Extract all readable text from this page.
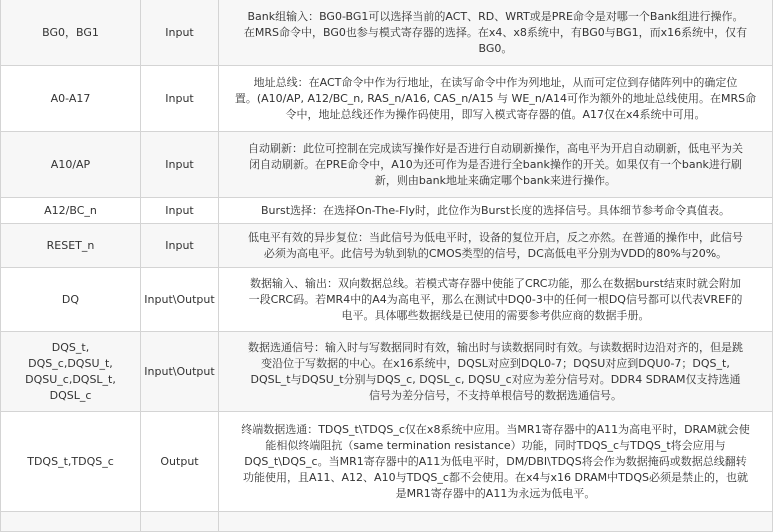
BG0，BG1	Input	Bank组输入：BG0-BG1可以选择当前的ACT、RD、WRT或是PRE命令是对哪一个Bank组进行操作。
在MRS命令中，BG0也参与模式寄存器的选择。在x4、x8系统中，有BG0与BG1，而x16系统中，仅有
BG0。

A0-A17	Input	地址总线：在ACT命令中作为行地址，在读写命令中作为列地址，从而可定位到存储阵列中的确定位
置。(A10/AP, A12/BC_n, RAS_n/A16, CAS_n/A15 与 WE_n/A14可作为额外的地址总线使用。在MRS命
令中，地址总线还作为操作码使用，即写入模式寄存器的值。A17仅在x4系统中可用。

A10/AP	Input	自动刷新：此位可控制在完成读写操作好是否进行自动刷新操作，高电平为开启自动刷新，低电平为关
闭自动刷新。在PRE命令中，A10为还可作为是否进行全bank操作的开关。如果仅有一个bank进行刷
新，则由bank地址来确定哪个bank来进行操作。

A12/BC_n	Input	Burst选择：在选择On-The-Fly时，此位作为Burst长度的选择信号。具体细节参考命令真值表。

RESET_n	Input	低电平有效的异步复位：当此信号为低电平时，设备的复位开启，反之亦然。在普通的操作中，此信号
必须为高电平。此信号为轨到轨的CMOS类型的信号，DC高低电平分别为VDD的80%与20%。

DQ	Input\Output	数据输入、输出：双向数据总线。若模式寄存器中使能了CRC功能，那么在数据burst结束时就会附加
一段CRC码。若MR4中的A4为高电平，那么在测试中DQ0-3中的任何一根DQ信号都可以代表VREF的
电平。具体哪些数据线是已使用的需要参考供应商的数据手册。

DQS_t,
DQS_c,DQSU_t,
DQSU_c,DQSL_t,
DQSL_c	Input\Output	数据选通信号：输入时与写数据同时有效，输出时与读数据同时有效。与读数据时边沿对齐的，但是跳
变沿位于写数据的中心。在x16系统中，DQSL对应到DQL0-7；DQSU对应到DQU0-7；DQS_t,
DQSL_t与DQSU_t分别与DQS_c, DQSL_c, DQSU_c对应为差分信号对。DDR4 SDRAM仅支持选通
信号为差分信号，不支持单根信号的数据选通信号。

TDQS_t,TDQS_c	Output	终端数据选通：TDQS_t\TDQS_c仅在x8系统中应用。当MR1寄存器中的A11为高电平时，DRAM就会使
能相似终端阻抗（same termination resistance）功能，同时TDQS_c与TDQS_t将会应用与
DQS_t\DQS_c。当MR1寄存器中的A11为低电平时，DM/DBI\TDQS将会作为数据掩码或数据总线翻转
功能使用，且A11、A12、A10与TDQS_c都不会使用。在x4与x16 DRAM中TDQS必须是禁止的，也就
是MR1寄存器中的A11为永远为低电平。
